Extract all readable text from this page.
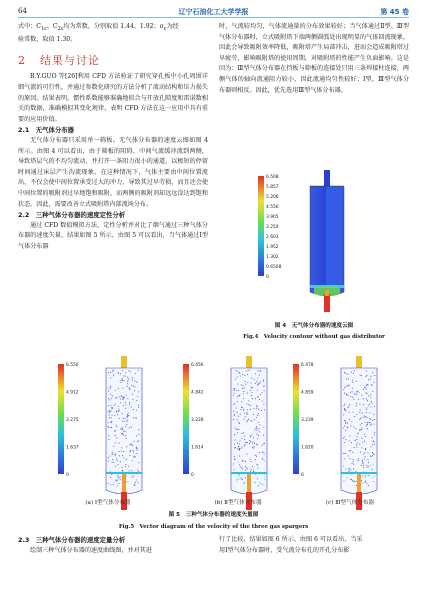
64	辽宁石油化工大学学报	第 45 卷

式中：$C_{1\varepsilon}$、$C_{2\varepsilon}$均为常数，分别取值 1.44、1.92；$\sigma_\varepsilon$为经

验常数，取值 1.30。

2 结果与讨论

B.Y.GUO 等[26]利用 CFD 方法验证了研究穿孔板中小孔周围详细气流的可行性，并通过参数化研究的方法分析了流动结构和压力损失的原因。结果表明，惯性系数能够准确地拟合与开放孔隙度和雷诺数相关的数据，准确模拟其变化规律，表明 CFD 方法在这一应用中具有重要的应用价值。

2.1　无气体分布器

无气体分布器只采用单一筛板。无气体分布器的速度云图如图 4 所示。由图 4 可以看出，由于筛板的阻碍，中间气流缓冲流到两侧，导致塔层气的不均匀流动，并打开一条阻力很小的通道，以极短的停留时间通过床层产生沟流现象。在这种情况下，气体主要由中间位置流出，不仅会使中间位置承受过大的冲力，导致其过早劳损，而且还会使中间位置的吸附剂过早地饱和吸附，而两侧的吸附剂却远远没达到饱和状态。因此，需要改善立式吸附塔内部流场分布。

2.2　三种气体分布器的速度定性分析

通过 CFD 数值模拟方法，定性分析并对比了烟气通过三种气体分布器的速度矢量，结果如图 5 所示。由图 5 可以看出，当气体通过Ⅰ型气体分布器

时，气流较均匀，气体流通量的分布效果较好；当气体通过Ⅱ型、Ⅲ型气体分布器时，立式吸附塔下端两侧圆弧处出现明显的气体回流现象，因此会导致吸附效率降低，吸附塔产生局部冲击，进而会造成吸附塔过早疲劳，影响吸附塔的使用周期，对吸附塔的性能产生负面影响。这是因为：Ⅲ型气体分布器在挡板与筛板的连接处只用三条焊接柱连接，两侧气体的轴向流通阻力较小，因此流通均匀性较好；Ⅰ型、Ⅲ型气体分布器则相反。因此，优先选用Ⅲ型气体分布器。

6.508
5.857
5.206
4.556
3.905
3.254
2.603
1.952
1.302
0.6508
0
图 4　无气体分布器的速度云图
Fig.4　Velocity contour without gas distributor
6.550
4.912
3.275
1.637
0
6.456
4.842
3.228
1.614
0
6.478
4.859
3.239
1.620
0
(a) Ⅰ型气体分布器	(b) Ⅱ型气体分布器	(c) Ⅲ型气体分布器
图 5　三种气体分布器的速度矢量图
Fig.5　Vector diagram of the velocity of the three gas spargers
2.3　三种气体分布器的速度定量分析

绘制三种气体分布器的速度曲线图，并对其进

行了比较，结果如图 6 所示。由图 6 可以看出，当采

用Ⅰ型气体分布器时，受气流分布孔的开孔分布影
